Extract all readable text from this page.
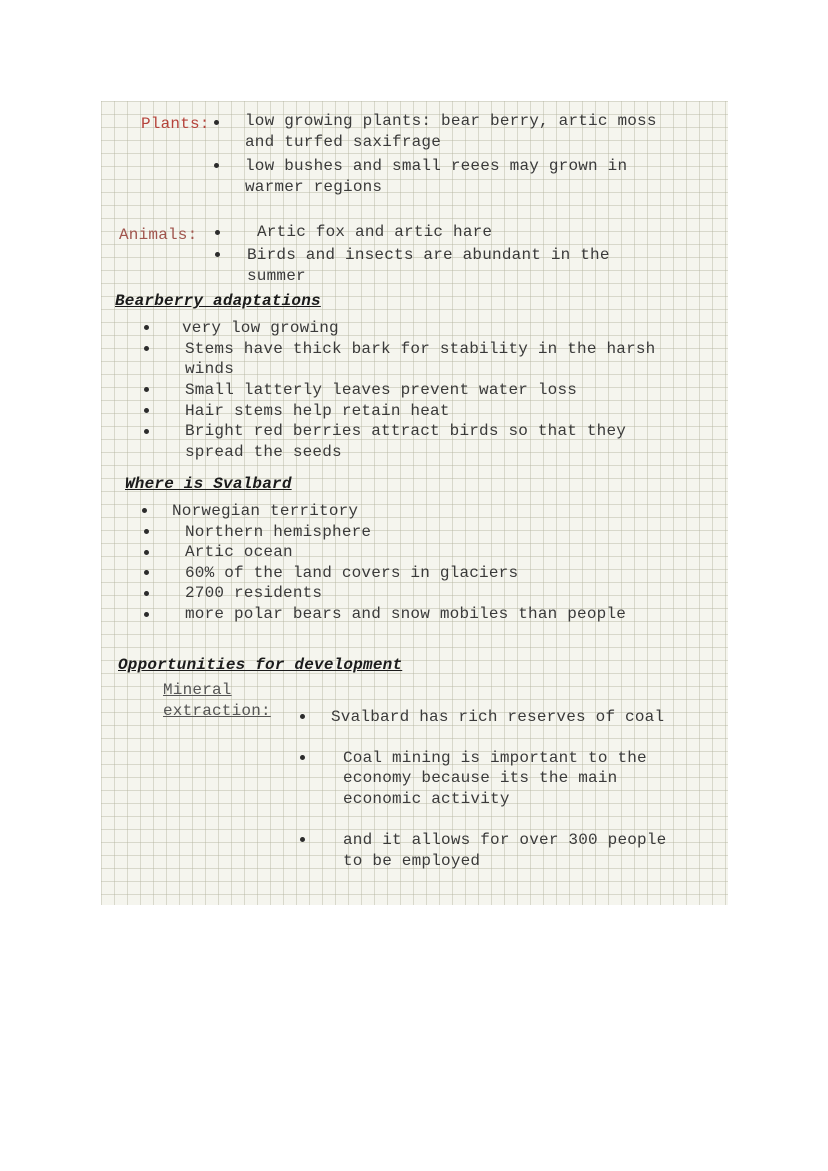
Plants: low growing plants: bear berry, artic moss
and turfed saxifrage
low bushes and small reees may grown in
warmer regions
Animals:	Artic fox and artic hare
Birds and insects are abundant in the
summer
Bearberry adaptations
very low growing
Stems have thick bark for stability in the harsh
winds
Small latterly leaves prevent water loss
Hair stems help retain heat
Bright red berries attract birds so that they
spread the seeds
Where is Svalbard
Norwegian territory
Northern hemisphere
Artic ocean
60% of the land covers in glaciers
2700 residents
more polar bears and snow mobiles than people
Opportunities for development
Mineral
extraction:	Svalbard has rich reserves of coal
Coal mining is important to the
economy because its the main
economic activity
and it allows for over 300 people
to be employed
